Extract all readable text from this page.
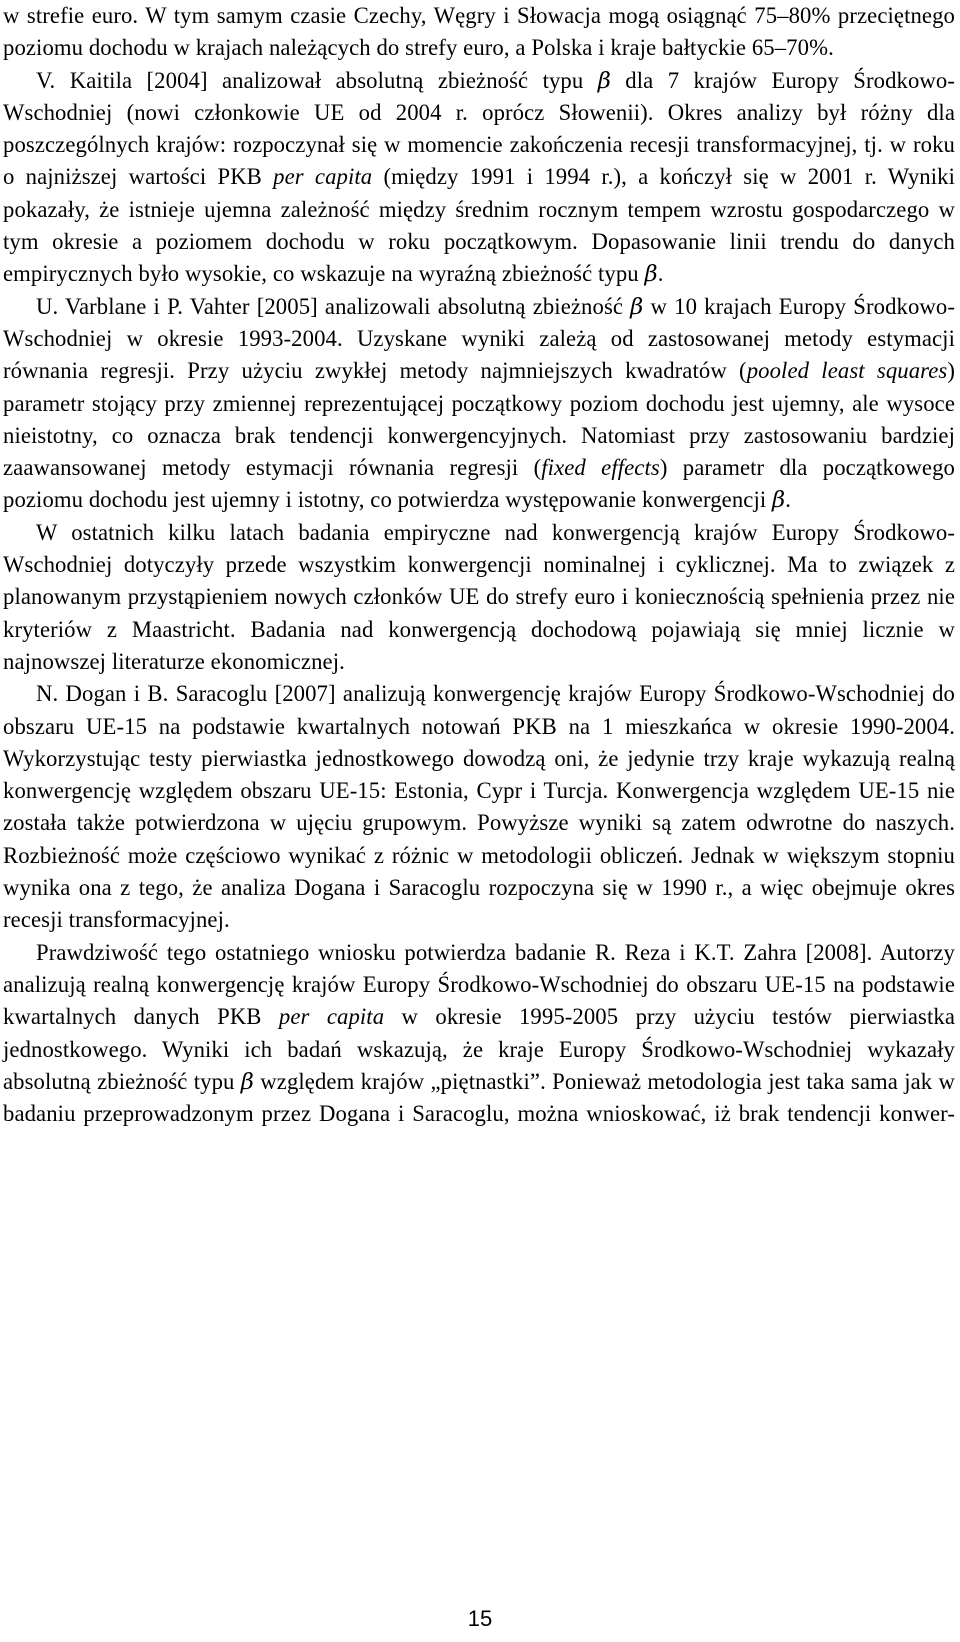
w strefie euro. W tym samym czasie Czechy, Węgry i Słowacja mogą osiągnąć 75–80% przeciętnego poziomu dochodu w krajach należących do strefy euro, a Polska i kraje bałtyckie 65–70%.

V. Kaitila [2004] analizował absolutną zbieżność typu β dla 7 krajów Europy Środkowo-Wschodniej (nowi członkowie UE od 2004 r. oprócz Słowenii). Okres analizy był różny dla poszczególnych krajów: rozpoczynał się w momencie zakończenia recesji transformacyjnej, tj. w roku o najniższej wartości PKB per capita (między 1991 i 1994 r.), a kończył się w 2001 r. Wyniki pokazały, że istnieje ujemna zależność między średnim rocznym tempem wzrostu gospodarczego w tym okresie a poziomem dochodu w roku początkowym. Dopasowanie linii trendu do danych empirycznych było wysokie, co wskazuje na wyraźną zbieżność typu β.

U. Varblane i P. Vahter [2005] analizowali absolutną zbieżność β w 10 krajach Europy Środkowo-Wschodniej w okresie 1993-2004. Uzyskane wyniki zależą od zastosowanej metody estymacji równania regresji. Przy użyciu zwykłej metody najmniejszych kwadratów (pooled least squares) parametr stojący przy zmiennej reprezentującej początkowy poziom dochodu jest ujemny, ale wysoce nieistotny, co oznacza brak tendencji konwergencyjnych. Natomiast przy zastosowaniu bardziej zaawansowanej metody estymacji równania regresji (fixed effects) parametr dla początkowego poziomu dochodu jest ujemny i istotny, co potwierdza występowanie konwergencji β.

W ostatnich kilku latach badania empiryczne nad konwergencją krajów Europy Środkowo-Wschodniej dotyczyły przede wszystkim konwergencji nominalnej i cyklicznej. Ma to związek z planowanym przystąpieniem nowych członków UE do strefy euro i koniecznością spełnienia przez nie kryteriów z Maastricht. Badania nad konwergencją dochodową pojawiają się mniej licznie w najnowszej literaturze ekonomicznej.

N. Dogan i B. Saracoglu [2007] analizują konwergencję krajów Europy Środkowo-Wschodniej do obszaru UE-15 na podstawie kwartalnych notowań PKB na 1 mieszkańca w okresie 1990-2004. Wykorzystując testy pierwiastka jednostkowego dowodzą oni, że jedynie trzy kraje wykazują realną konwergencję względem obszaru UE-15: Estonia, Cypr i Turcja. Konwergencja względem UE-15 nie została także potwierdzona w ujęciu grupowym. Powyższe wyniki są zatem odwrotne do naszych. Rozbieżność może częściowo wynikać z różnic w metodologii obliczeń. Jednak w większym stopniu wynika ona z tego, że analiza Dogana i Saracoglu rozpoczyna się w 1990 r., a więc obejmuje okres recesji transformacyjnej.

Prawdziwość tego ostatniego wniosku potwierdza badanie R. Reza i K.T. Zahra [2008]. Autorzy analizują realną konwergencję krajów Europy Środkowo-Wschodniej do obszaru UE-15 na podstawie kwartalnych danych PKB per capita w okresie 1995-2005 przy użyciu testów pierwiastka jednostkowego. Wyniki ich badań wskazują, że kraje Europy Środkowo-Wschodniej wykazały absolutną zbieżność typu β względem krajów „piętnastki”. Ponieważ metodologia jest taka sama jak w badaniu przeprowadzonym przez Dogana i Saracoglu, można wnioskować, iż brak tendencji konwer-

15
